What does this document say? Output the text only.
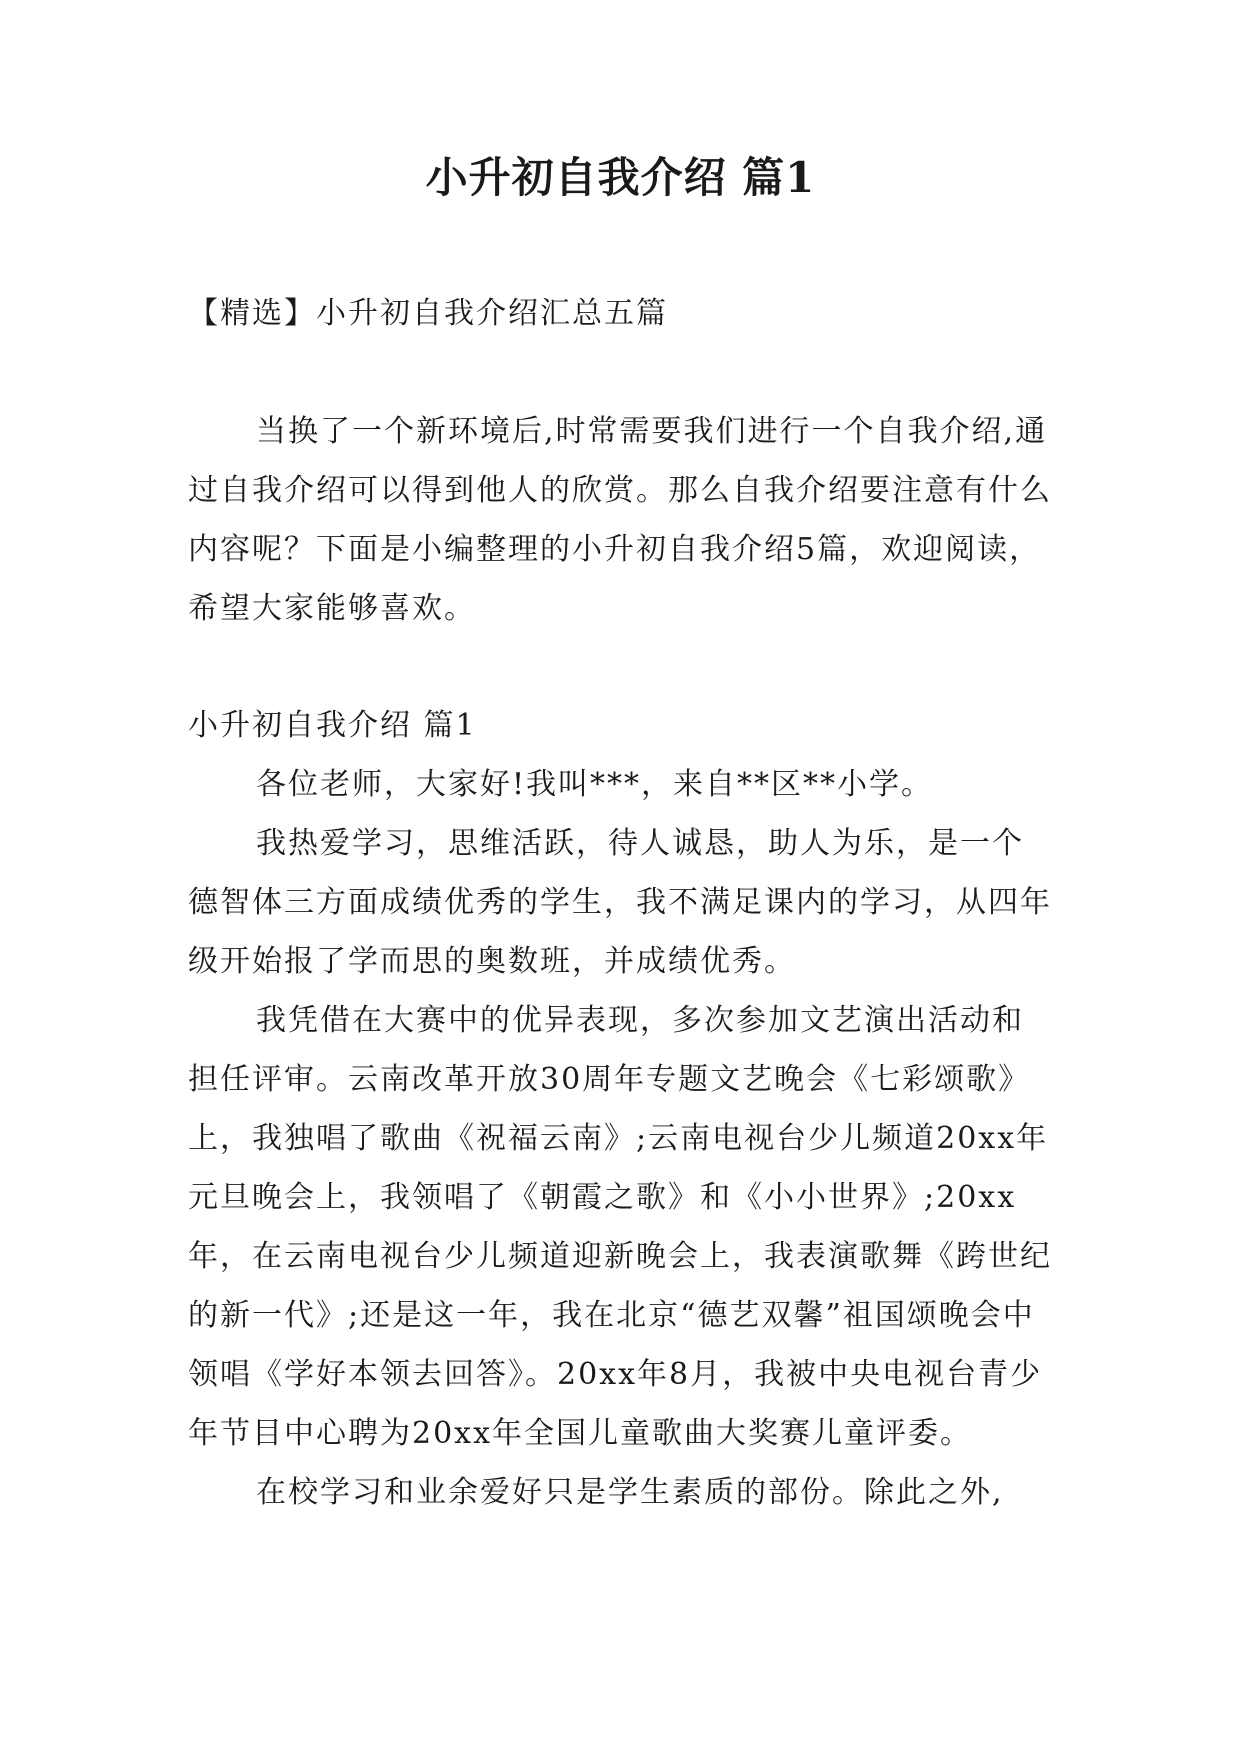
小升初自我介绍 篇1

【精选】小升初自我介绍汇总五篇

当换了一个新环境后,时常需要我们进行一个自我介绍,通过自我介绍可以得到他人的欣赏。那么自我介绍要注意有什么内容呢？下面是小编整理的小升初自我介绍5篇，欢迎阅读，希望大家能够喜欢。

小升初自我介绍 篇1

各位老师，大家好!我叫***，来自**区**小学。

我热爱学习，思维活跃，待人诚恳，助人为乐，是一个德智体三方面成绩优秀的学生，我不满足课内的学习，从四年级开始报了学而思的奥数班，并成绩优秀。

我凭借在大赛中的优异表现，多次参加文艺演出活动和担任评审。云南改革开放30周年专题文艺晚会《七彩颂歌》上，我独唱了歌曲《祝福云南》;云南电视台少儿频道20xx年元旦晚会上，我领唱了《朝霞之歌》和《小小世界》;20xx年，在云南电视台少儿频道迎新晚会上，我表演歌舞《跨世纪的新一代》;还是这一年，我在北京“德艺双馨”祖国颂晚会中领唱《学好本领去回答》。20xx年8月，我被中央电视台青少年节目中心聘为20xx年全国儿童歌曲大奖赛儿童评委。

在校学习和业余爱好只是学生素质的部份。除此之外,
